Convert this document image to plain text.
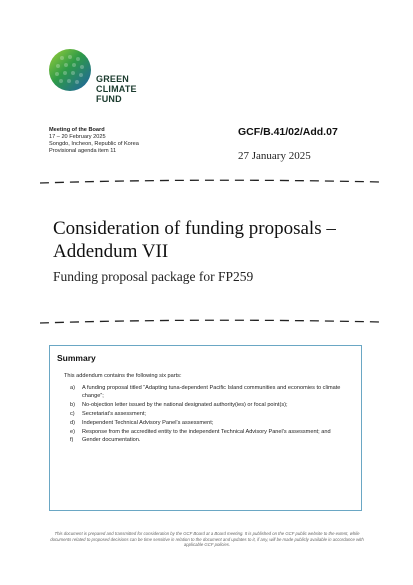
GREEN
CLIMATE
FUND
Meeting of the Board
17 – 20 February 2025
Songdo, Incheon, Republic of Korea
Provisional agenda item 11
GCF/B.41/02/Add.07
27 January 2025
Consideration of funding proposals – Addendum VII
Funding proposal package for FP259
Summary
This addendum contains the following six parts:
a)	A funding proposal titled “Adapting tuna-dependent Pacific Island communities and economies to climate change”;
b)	No-objection letter issued by the national designated authority(ies) or focal point(s);
c)	Secretariat’s assessment;
d)	Independent Technical Advisory Panel’s assessment;
e)	Response from the accredited entity to the independent Technical Advisory Panel’s assessment; and
f)	Gender documentation.
This document is prepared and transmitted for consideration by the GCF Board at a Board meeting. It is published on the GCF public website to the extent, while documents related to proposed decisions can be time sensitive in relation to the document and updates to it, if any, will be made publicly available in accordance with applicable GCF policies.
